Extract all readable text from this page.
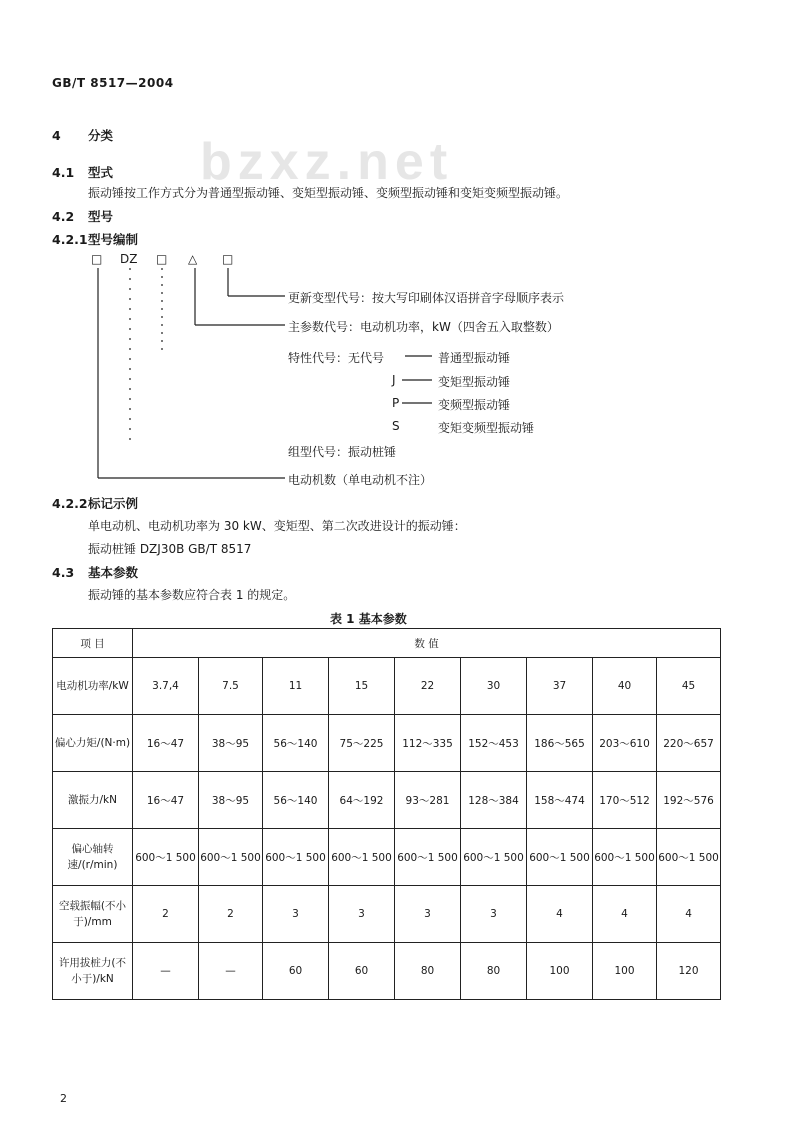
GB/T 8517—2004
bzxz.net
4 分类
4.1 型式
振动锤按工作方式分为普通型振动锤、变矩型振动锤、变频型振动锤和变矩变频型振动锤。
4.2 型号
4.2.1型号编制
□ DZ □ △ □
更新变型代号：按大写印刷体汉语拼音字母顺序表示
主参数代号：电动机功率，kW（四舍五入取整数）
特性代号：无代号	普通型振动锤
J	变矩型振动锤
P	变频型振动锤
S	变矩变频型振动锤
组型代号：振动桩锤
电动机数（单电动机不注）
4.2.2标记示例
单电动机、电动机功率为 30 kW、变矩型、第二次改进设计的振动锤：
振动桩锤 DZJ30B GB/T 8517
4.3 基本参数
振动锤的基本参数应符合表 1 的规定。
表 1 基本参数
项 目	数 值								
电动机功率/kW	3.7,4	7.5	11	15	22	30	37	40	45
偏心力矩/(N·m)	16～47	38～95	56～140	75～225	112～335	152～453	186～565	203～610	220～657
激振力/kN	16～47	38～95	56～140	64～192	93～281	128～384	158～474	170～512	192～576
偏心轴转速/(r/min)	600～1 500	600～1 500	600～1 500	600～1 500	600～1 500	600～1 500	600～1 500	600～1 500	600～1 500
空载振幅(不小于)/mm	2	2	3	3	3	3	4	4	4
许用拔桩力(不小于)/kN	—	—	60	60	80	80	100	100	120
2
